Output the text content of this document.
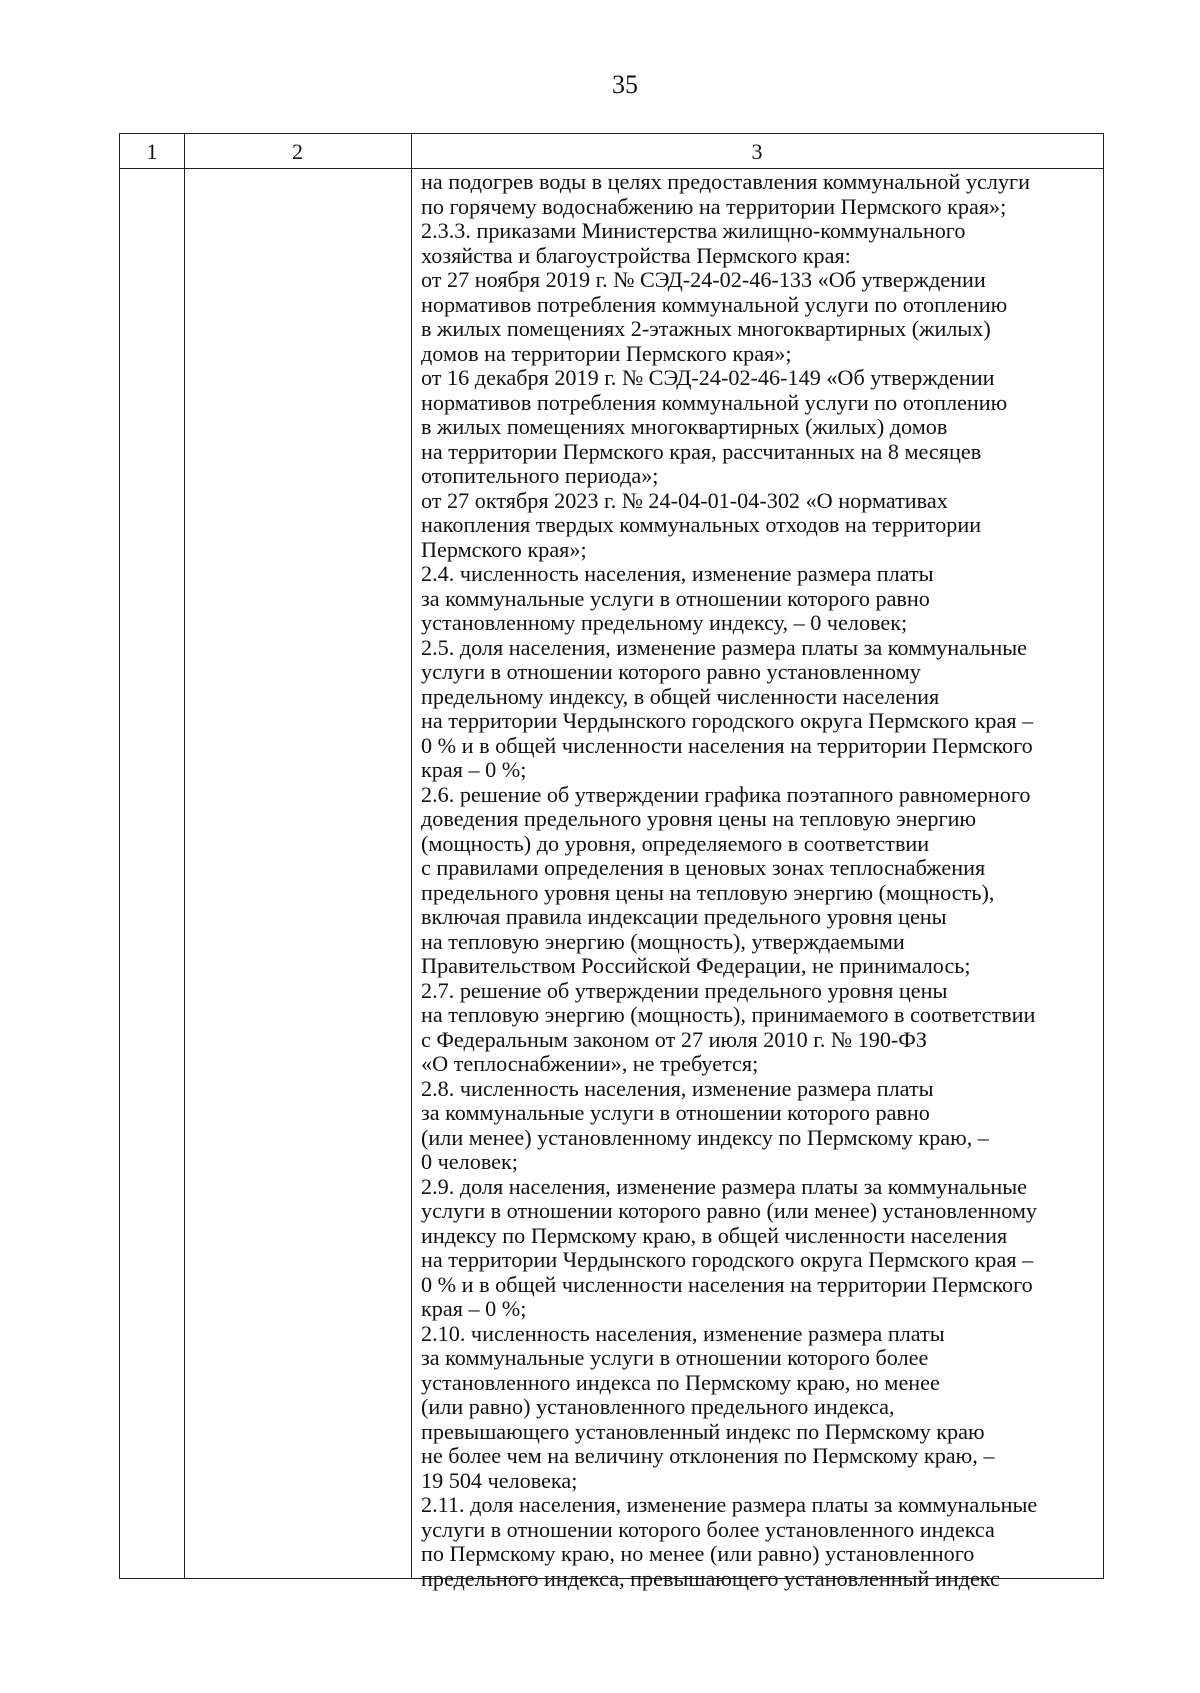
35
1	2	3
на подогрев воды в целях предоставления коммунальной услуги
по горячему водоснабжению на территории Пермского края»;
2.3.3. приказами Министерства жилищно-коммунального
хозяйства и благоустройства Пермского края:
от 27 ноября 2019 г. № СЭД-24-02-46-133 «Об утверждении
нормативов потребления коммунальной услуги по отоплению
в жилых помещениях 2-этажных многоквартирных (жилых)
домов на территории Пермского края»;
от 16 декабря 2019 г. № СЭД-24-02-46-149 «Об утверждении
нормативов потребления коммунальной услуги по отоплению
в жилых помещениях многоквартирных (жилых) домов
на территории Пермского края, рассчитанных на 8 месяцев
отопительного периода»;
от 27 октября 2023 г. № 24-04-01-04-302 «О нормативах
накопления твердых коммунальных отходов на территории
Пермского края»;
2.4. численность населения, изменение размера платы
за коммунальные услуги в отношении которого равно
установленному предельному индексу, – 0 человек;
2.5. доля населения, изменение размера платы за коммунальные
услуги в отношении которого равно установленному
предельному индексу, в общей численности населения
на территории Чердынского городского округа Пермского края –
0 % и в общей численности населения на территории Пермского
края – 0 %;
2.6. решение об утверждении графика поэтапного равномерного
доведения предельного уровня цены на тепловую энергию
(мощность) до уровня, определяемого в соответствии
с правилами определения в ценовых зонах теплоснабжения
предельного уровня цены на тепловую энергию (мощность),
включая правила индексации предельного уровня цены
на тепловую энергию (мощность), утверждаемыми
Правительством Российской Федерации, не принималось;
2.7. решение об утверждении предельного уровня цены
на тепловую энергию (мощность), принимаемого в соответствии
с Федеральным законом от 27 июля 2010 г. № 190-ФЗ
«О теплоснабжении», не требуется;
2.8. численность населения, изменение размера платы
за коммунальные услуги в отношении которого равно
(или менее) установленному индексу по Пермскому краю, –
0 человек;
2.9. доля населения, изменение размера платы за коммунальные
услуги в отношении которого равно (или менее) установленному
индексу по Пермскому краю, в общей численности населения
на территории Чердынского городского округа Пермского края –
0 % и в общей численности населения на территории Пермского
края – 0 %;
2.10. численность населения, изменение размера платы
за коммунальные услуги в отношении которого более
установленного индекса по Пермскому краю, но менее
(или равно) установленного предельного индекса,
превышающего установленный индекс по Пермскому краю
не более чем на величину отклонения по Пермскому краю, –
19 504 человека;
2.11. доля населения, изменение размера платы за коммунальные
услуги в отношении которого более установленного индекса
по Пермскому краю, но менее (или равно) установленного
предельного индекса, превышающего установленный индекс
